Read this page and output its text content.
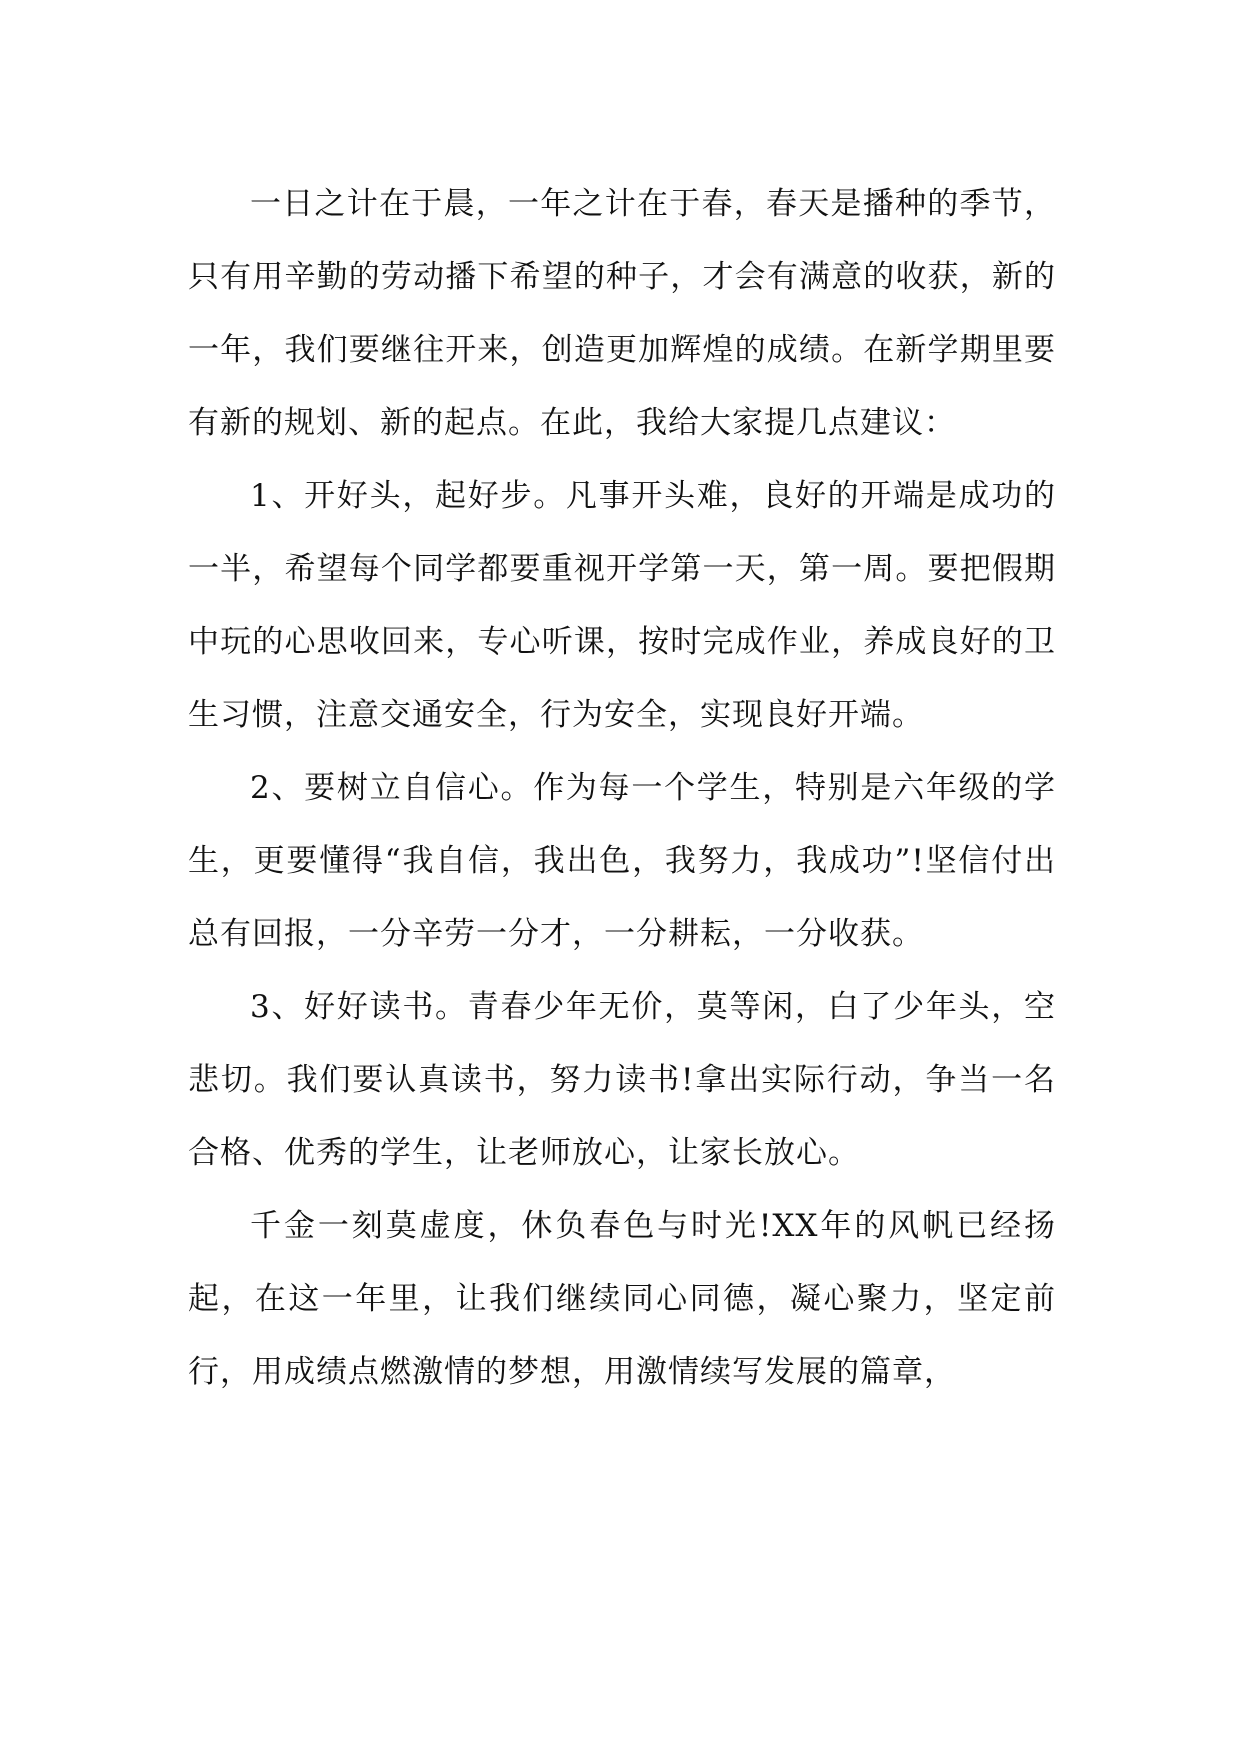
一日之计在于晨，一年之计在于春，春天是播种的季节，只有用辛勤的劳动播下希望的种子，才会有满意的收获，新的一年，我们要继往开来，创造更加辉煌的成绩。在新学期里要有新的规划、新的起点。在此，我给大家提几点建议：

1、开好头，起好步。凡事开头难，良好的开端是成功的一半，希望每个同学都要重视开学第一天，第一周。要把假期中玩的心思收回来，专心听课，按时完成作业，养成良好的卫生习惯，注意交通安全，行为安全，实现良好开端。

2、要树立自信心。作为每一个学生，特别是六年级的学生，更要懂得“我自信，我出色，我努力，我成功”!坚信付出总有回报，一分辛劳一分才，一分耕耘，一分收获。

3、好好读书。青春少年无价，莫等闲，白了少年头，空悲切。我们要认真读书，努力读书!拿出实际行动，争当一名合格、优秀的学生，让老师放心，让家长放心。

千金一刻莫虚度，休负春色与时光!XX年的风帆已经扬起，在这一年里，让我们继续同心同德，凝心聚力，坚定前行，用成绩点燃激情的梦想，用激情续写发展的篇章，
